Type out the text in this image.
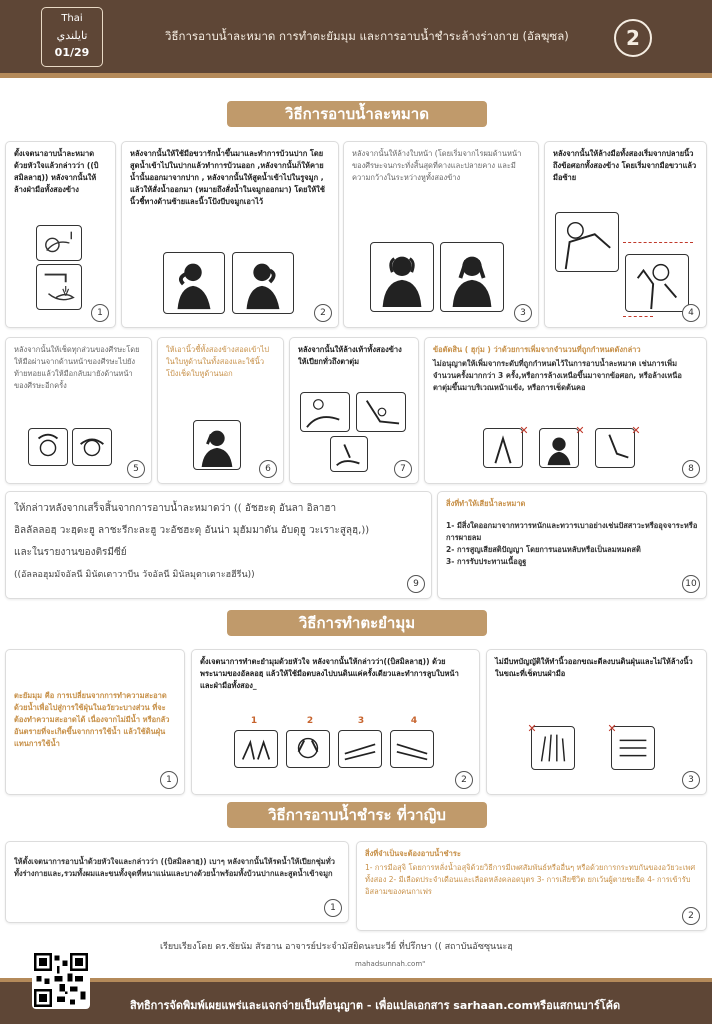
Thai
تايلندي
01/29
วิธีการอาบน้ำละหมาด การทำตะยัมมุม และการอาบน้ำชำระล้างร่างกาย (อัลฆุซล)	2
วิธีการอาบน้ำละหมาด
ตั้งเจตนาอาบน้ำละหมาดด้วยหัวใจแล้วกล่าวว่า ((บิสมิลลาฮฺ)) หลังจากนั้นให้ล้างฝ่ามือทั้งสองข้าง
1
หลังจากนั้นให้ใช้มือขวารักน้ำขึ้นมาและทำการบ้วนปาก โดยสูดน้ำเข้าไปในปากแล้วทำการบ้วนออก ,หลังจากนั้นก็ให้คายน้ำนั้นออกมาจากปาก , หลังจากนั้นให้สูดน้ำเข้าไปในรูจมูก , แล้วให้สั่งน้ำออกมา (หมายถึงสั่งน้ำในจมูกออกมา) โดยให้ใช้นิ้วชี้ทางด้านซ้ายและนิ้วโป้งบีบจมูกเอาไว้
2
หลังจากนั้นให้ล้างใบหน้า (โดยเริ่มจากไรผมด้านหน้าของศีรษะจนกระทั่งสิ้นสุดที่คางและปลายคาง และมีความกว้างในระหว่างหูทั้งสองข้าง
3
หลังจากนั้นให้ล้างมือทั้งสองเริ่มจากปลายนิ้วถึงข้อศอกทั้งสองข้าง โดยเริ่มจากมือขวาแล้วมือซ้าย
4
หลังจากนั้นให้เช็ดทุกส่วนของศีรษะโดยให้มือผ่านจากด้านหน้าของศีรษะไปยังท้ายทอยแล้วให้มือกลับมายังด้านหน้าของศีรษะอีกครั้ง
5
ให้เอานิ้วชี้ทั้งสองข้างสอดเข้าไปในใบหูด้านในทั้งสองและใช้นิ้วโป้งเช็ดใบหูด้านนอก
6
หลังจากนั้นให้ล้างเท้าทั้งสองข้างให้เปียกทั่วถึงตาตุ่ม
7
ข้อตัดสิน ( ฮุกุ่ม ) ว่าด้วยการเพิ่มจากจำนวนที่ถูกกำหนดดังกล่าว
ไม่อนุญาตให้เพิ่มจากระดับที่ถูกกำหนดไว้ในการอาบน้ำละหมาด เช่นการเพิ่มจำนวนครั้งมากกว่า 3 ครั้ง,หรือการล้างเหนือขึ้นมาจากข้อศอก, หรือล้างเหนือตาตุ่มขึ้นมาบริเวณหน้าแข้ง, หรือการเช็ดต้นคอ
✕	✕	✕
8
ให้กล่าวหลังจากเสร็จสิ้นจากการอาบน้ำละหมาดว่า (( อัชฮะดุ อันลา อิลาฮา
อิลลัลลอฮฺ วะฮฺดะฮู ลาชะรีกะละฮู วะอัชฮะดุ อันน่า มุฮัมมาดัน อับดุฮู วะเราะสูลุฮฺ,))
และในรายงานของติรมีซีย์
((อัลลอฮุมมัจอัลนี มินัตเตาวาบีน วัจอัลนี มินัลมุตาเตาะฮฮีรีน))
9
สิ่งที่ทำให้เสียน้ำละหมาด
1- มีสิ่งใดออกมาจากทวารหนักและทวารเบาอย่างเช่นปัสสาวะหรืออุจจาระหรือการผายลม
2- การสูญเสียสติปัญญา โดยการนอนหลับหรือเป็นลมหมดสติ
3- การรับประทานเนื้ออูฐ
10
วิธีการทำตะยำมุม
ตะยัมมุม คือ การเปลี่ยนจากการทำความสะอาดด้วยน้ำเพื่อไปสู่การใช้ฝุ่นในอวัยวะบางส่วน ที่จะต้องทำความสะอาดได้ เนื่องจากไม่มีน้ำ หรือกลัวอันตรายที่จะเกิดขึ้นจากการใช้น้ำ แล้วใช้ดินฝุ่นแทนการใช้น้ำ
1
ตั้งเจตนาการทำตะยำมุมด้วยหัวใจ หลังจากนั้นให้กล่าวว่า((บิสมิลลาฮฺ)) ด้วยพระนามของอัลลอฮฺ แล้วให้ใช้มือตบลงไปบนดินแค่ครั้งเดียวและทำการลูบใบหน้าและฝ่ามือทั้งสอง_
1	2	3	4
2
ไม่มีบทบัญญัติให้ทำนิ้วออกขณะตีลงบนดินฝุ่นและไม่ให้ล้างนิ้ว ในขณะที่เช็ดบนฝ่ามือ
✕	✕
3
วิธีการอาบน้ำชำระ ที่วาญิบ
ให้ตั้งเจตนาการอาบน้ำด้วยหัวใจและกล่าวว่า ((บิสมิลลาฮฺ)) เบาๆ หลังจากนั้นให้รดน้ำให้เปียกชุ่มทั่วทั้งร่างกายและ,รวมทั้งผมและขนทั้งจุดที่หนาแน่นและบางด้วยน้ำพร้อมทั้งบ้วนปากและสูดน้ำเข้าจมูก
1
สิ่งที่จำเป็นจะต้องอาบน้ำชำระ
1- การมีอสุจิ โดยการหลั่งน้ำอสุจิด้วยวิธีการมีเพศสัมพันธ์หรืออื่นๆ หรือด้วยการกระทบกันของอวัยวะเพศทั้งสอง 2- มีเลือดประจำเดือนและเลือดหลังคลอดบุตร 3- การเสียชีวิต ยกเว้นผู้ตายชะฮีด 4- การเข้ารับอิสลามของคนกาเฟร
2
เรียบเรียงโดย ดร.ซัยนัม สัรฮาน อาจารย์ประจำมัสยิดนะบะวีย์ ที่ปรึกษา (( สถาบันอัซซุนนะฮฺ
mahadsunnah.com"
สิทธิการจัดพิมพ์เผยแพร่และแจกจ่ายเป็นที่อนุญาต - เพื่อแปลเอกสาร sarhaan.comหรือแสกนบาร์โค้ด
